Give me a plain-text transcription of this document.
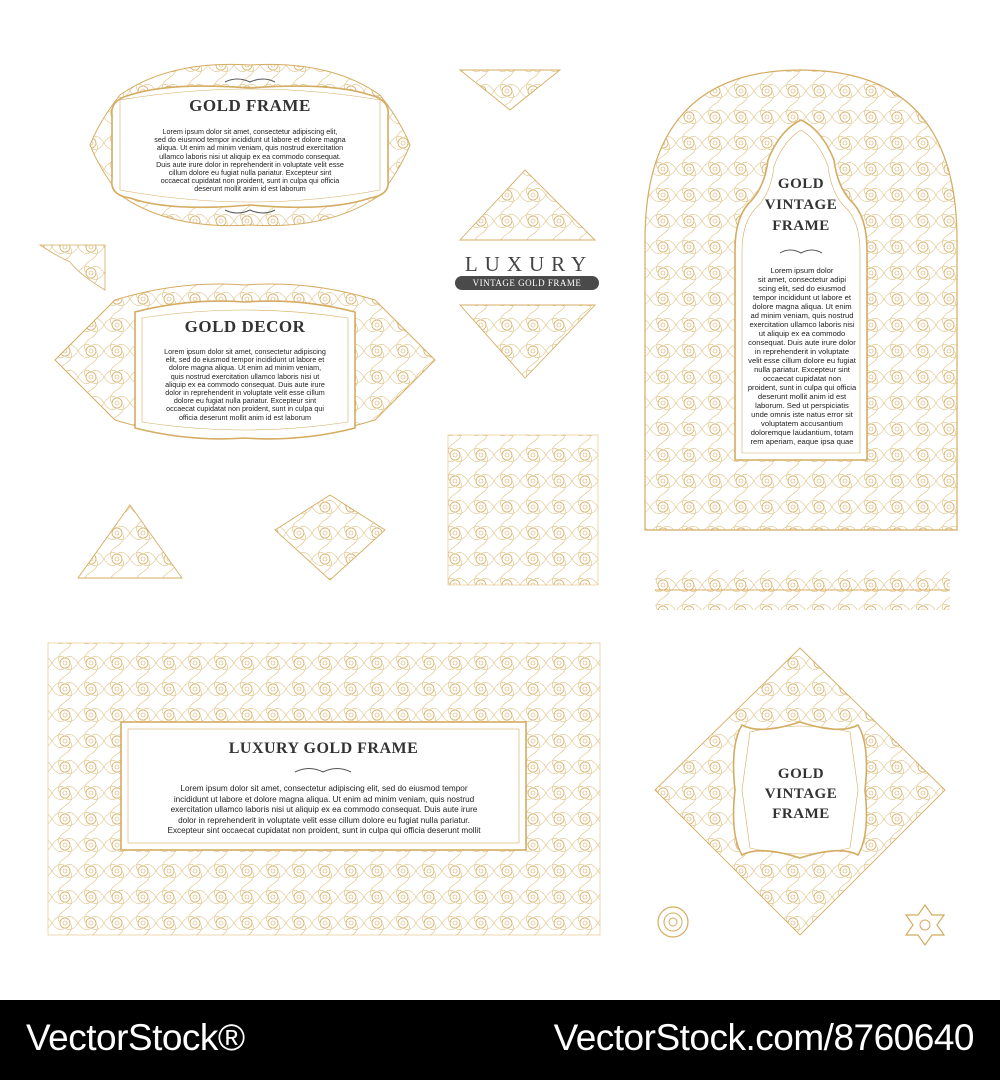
GOLD FRAME
Lorem ipsum dolor sit amet, consectetur adipiscing elit,
sed do eiusmod tempor incididunt ut labore et dolore magna
aliqua. Ut enim ad minim veniam, quis nostrud exercitation
ullamco laboris nisi ut aliquip ex ea commodo consequat.
Duis aute irure dolor in reprehenderit in voluptate velit esse
cillum dolore eu fugiat nulla pariatur. Excepteur sint
occaecat cupidatat non proident, sunt in culpa qui officia
deserunt mollit anim id est laborum
GOLD DECOR
Lorem ipsum dolor sit amet, consectetur adipiscing
elit, sed do eiusmod tempor incididunt ut labore et
dolore magna aliqua. Ut enim ad minim veniam,
quis nostrud exercitation ullamco laboris nisi ut
aliquip ex ea commodo consequat. Duis aute irure
dolor in reprehenderit in voluptate velit esse cillum
dolore eu fugiat nulla pariatur. Excepteur sint
occaecat cupidatat non proident, sunt in culpa qui
officia deserunt mollit anim id est laborum
LUXURY
VINTAGE GOLD FRAME
GOLD
VINTAGE
FRAME
Lorem ipsum dolor
sit amet, consectetur adipi
scing elit, sed do eiusmod
tempor incididunt ut labore et
dolore magna aliqua. Ut enim
ad minim veniam, quis nostrud
exercitation ullamco laboris nisi
ut aliquip ex ea commodo
consequat. Duis aute irure dolor
in reprehenderit in voluptate
velit esse cillum dolore eu fugiat
nulla pariatur. Excepteur sint
occaecat cupidatat non
proident, sunt in culpa qui officia
deserunt mollit anim id est
laborum. Sed ut perspiciatis
unde omnis iste natus error sit
voluptatem accusantium
doloremque laudantium, totam
rem aperiam, eaque ipsa quae
LUXURY GOLD FRAME
Lorem ipsum dolor sit amet, consectetur adipiscing elit, sed do eiusmod tempor
incididunt ut labore et dolore magna aliqua. Ut enim ad minim veniam, quis nostrud
exercitation ullamco laboris nisi ut aliquip ex ea commodo consequat. Duis aute irure
dolor in reprehenderit in voluptate velit esse cillum dolore eu fugiat nulla pariatur.
Excepteur sint occaecat cupidatat non proident, sunt in culpa qui officia deserunt mollit
GOLD
VINTAGE
FRAME
VectorStock®	VectorStock.com/8760640
